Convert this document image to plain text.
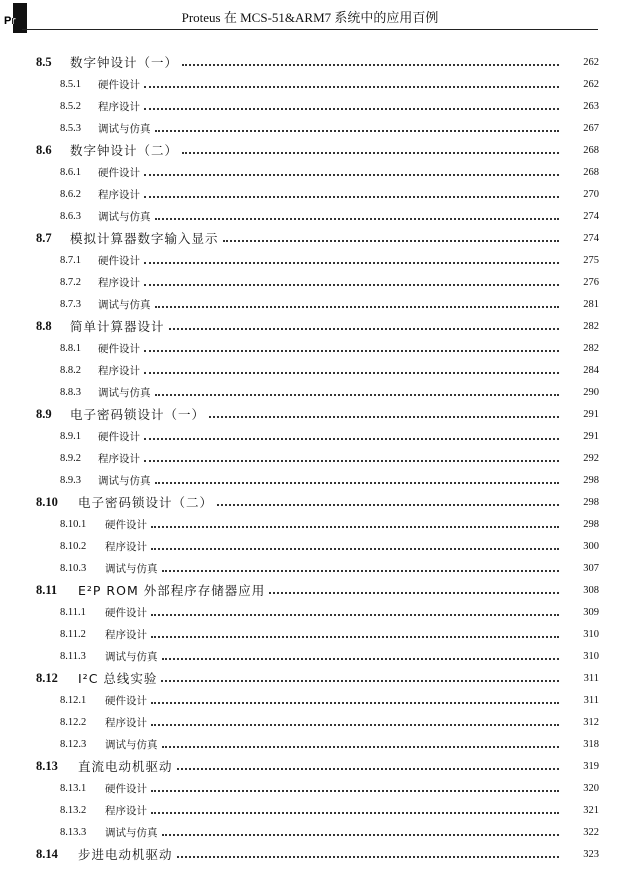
Pr	Proteus 在 MCS-51&ARM7 系统中的应用百例
8.5	数字钟设计（一）	262
8.5.1	硬件设计	262
8.5.2	程序设计	263
8.5.3	调试与仿真	267
8.6	数字钟设计（二）	268
8.6.1	硬件设计	268
8.6.2	程序设计	270
8.6.3	调试与仿真	274
8.7	模拟计算器数字输入显示	274
8.7.1	硬件设计	275
8.7.2	程序设计	276
8.7.3	调试与仿真	281
8.8	简单计算器设计	282
8.8.1	硬件设计	282
8.8.2	程序设计	284
8.8.3	调试与仿真	290
8.9	电子密码锁设计（一）	291
8.9.1	硬件设计	291
8.9.2	程序设计	292
8.9.3	调试与仿真	298
8.10	电子密码锁设计（二）	298
8.10.1	硬件设计	298
8.10.2	程序设计	300
8.10.3	调试与仿真	307
8.11	E²P ROM 外部程序存储器应用	308
8.11.1	硬件设计	309
8.11.2	程序设计	310
8.11.3	调试与仿真	310
8.12	I²C 总线实验	311
8.12.1	硬件设计	311
8.12.2	程序设计	312
8.12.3	调试与仿真	318
8.13	直流电动机驱动	319
8.13.1	硬件设计	320
8.13.2	程序设计	321
8.13.3	调试与仿真	322
8.14	步进电动机驱动	323
